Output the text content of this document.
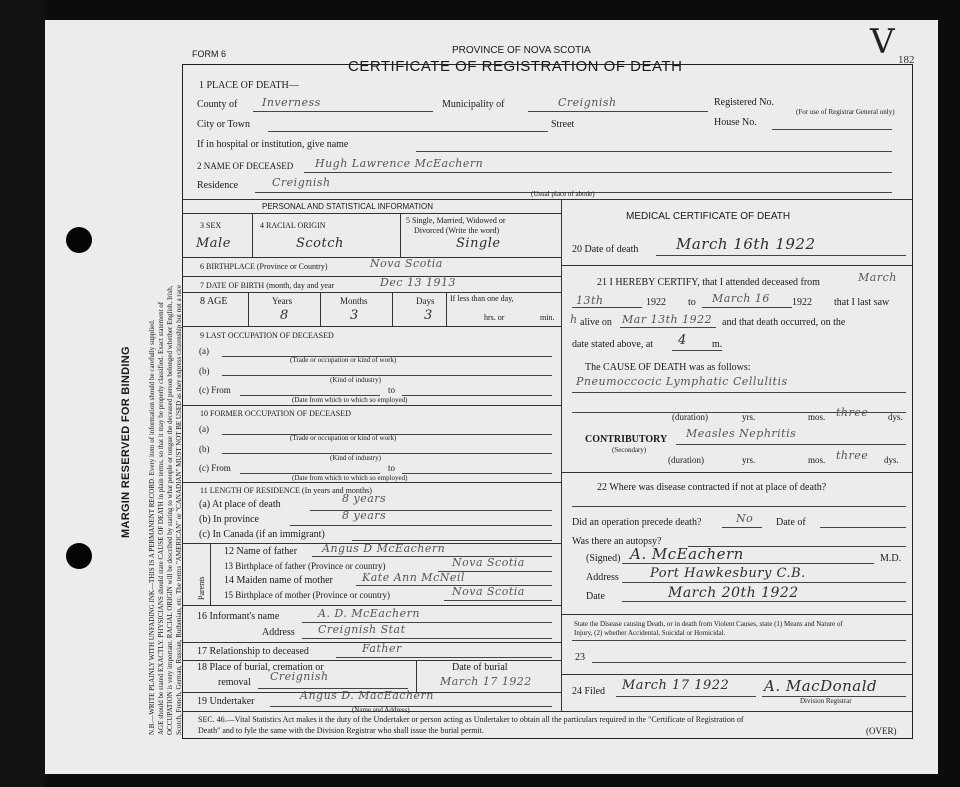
MARGIN RESERVED FOR BINDING N.B.—WRITE PLAINLY WITH UNFADING INK—THIS IS A PERMANENT RECORD. Every item of information should be carefully supplied. AGE should be stated EXACTLY. PHYSICIANS should state CAUSE OF DEATH in plain terms, so that it may be properly classified. Exact statement of OCCUPATION is very important. RACIAL ORIGIN will be described by stating to what people or tongue the deceased person belonged whether English, Irish, Scotch, French, German, Russian, Ruthenian, etc. The terms "AMERICAN" or "CANADIAN" MUST NOT BE USED as they express citizenship but not a race
FORM 6	PROVINCE OF NOVA SCOTIA
CERTIFICATE OF REGISTRATION OF DEATH
V 182
1 PLACE OF DEATH—
County of Inverness	Municipality of	Creignish	Registered No.
(For use of Registrar General only)
City or Town	Street	House No.
If in hospital or institution, give name
2 NAME OF DECEASED Hugh Lawrence McEachern
Residence	Creignish
(Usual place of abode)
PERSONAL AND STATISTICAL INFORMATION
3 SEX	4 RACIAL ORIGIN
5 Single, Married, Widowed or
Divorced (Write the word)
Male	Scotch	Single
6 BIRTHPLACE (Province or Country)	Nova Scotia
7 DATE OF BIRTH (month, day and year	Dec 13 1913
8 AGE	Years
8
Months
3
Days
3
If less than one day,
hrs. or	min.
9 LAST OCCUPATION OF DECEASED
(a)
(Trade or occupation or kind of work)
(b)
(Kind of industry)
(c) From	to
(Date from which to which so employed)
10 FORMER OCCUPATION OF DECEASED
(a)
(Trade or occupation or kind of work)
(b)
(Kind of industry)
(c) From	to
(Date from which to which so employed)
11 LENGTH OF RESIDENCE (In years and months)
(a) At place of death	8 years
(b) In province	8 years
(c) In Canada (if an immigrant)
Parents
12 Name of father Angus D McEachern
13 Birthplace of father (Province or country)	Nova Scotia
14 Maiden name of mother	Kate Ann McNeil
15 Birthplace of mother (Province or country)	Nova Scotia
16 Informant's name	A. D. McEachern
Address Creignish Stat
17 Relationship to deceased	Father
18 Place of burial, cremation or
removal Creignish
Date of burial
March 17 1922
19 Undertaker	Angus D. MacEachern
(Name and Address)
MEDICAL CERTIFICATE OF DEATH
20 Date of death	March 16th 1922
21 I HEREBY CERTIFY, that I attended deceased from	March
13th	1922 to March 16 1922 that I last saw
h alive on Mar 13th 1922 and that death occurred, on the
date stated above, at 4	m.
The CAUSE OF DEATH was as follows:
Pneumoccocic Lymphatic Cellulitis
(duration)	yrs.	mos. three dys.
CONTRIBUTORY
(Secondary)
Measles Nephritis
(duration)	yrs.	mos. three dys.
22 Where was disease contracted if not at place of death?
Did an operation precede death?	No Date of
Was there an autopsy?
(Signed) A. McEachern	M.D.
Address Port Hawkesbury C.B.
Date	March 20th 1922
State the Disease causing Death, or in death from Violent Causes, state (1) Means and Nature of
Injury, (2) whether Accidental, Suicidal or Homicidal.
23
24 Filed March 17 1922 A. MacDonald
Division Registrar
SEC. 46.—Vital Statistics Act makes it the duty of the Undertaker or person acting as Undertaker to obtain all the particulars required in the "Certificate of Registration of
Death" and to fyle the same with the Division Registrar who shall issue the burial permit.	(OVER)
